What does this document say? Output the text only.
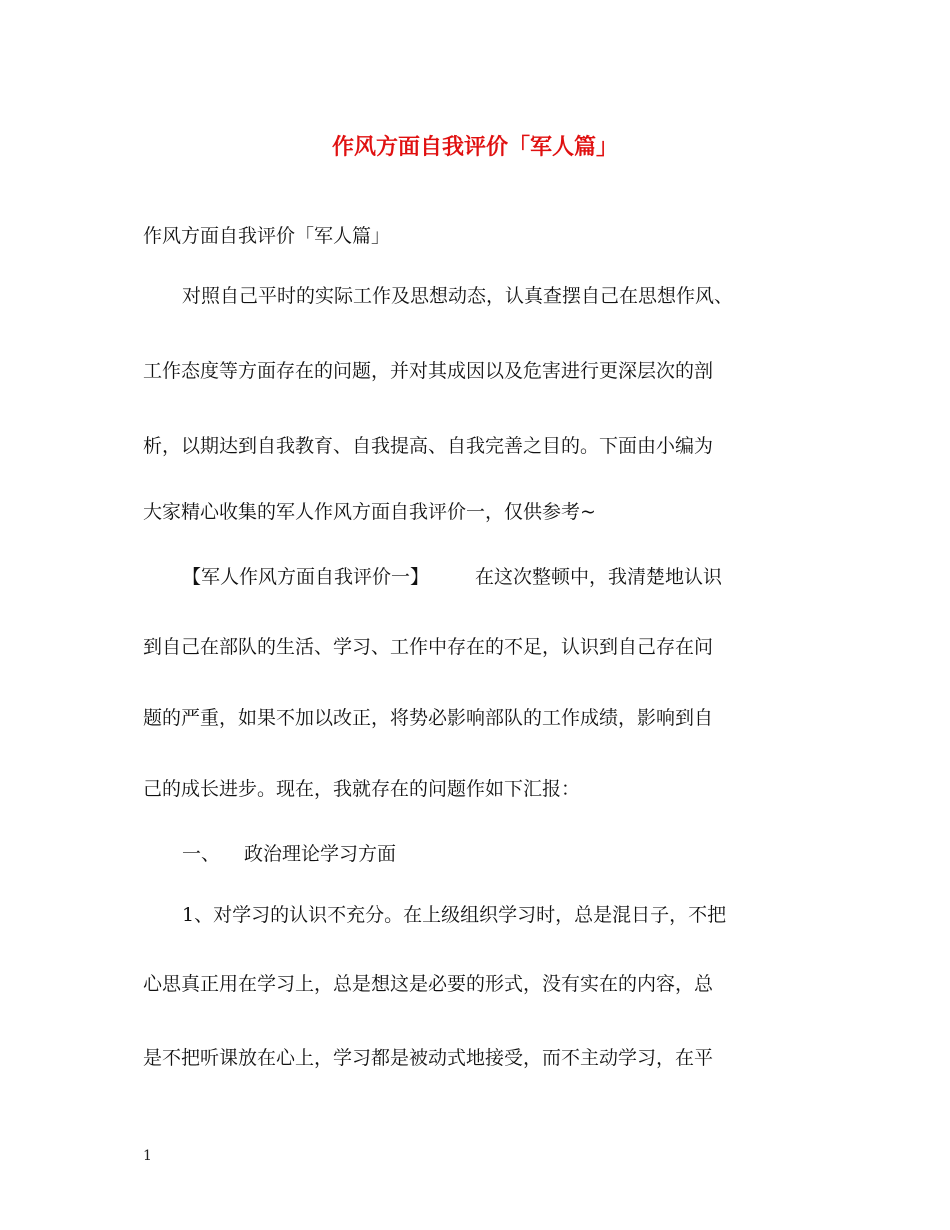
作风方面自我评价「军人篇」
作风方面自我评价「军人篇」
对照自己平时的实际工作及思想动态，认真查摆自己在思想作风、
工作态度等方面存在的问题，并对其成因以及危害进行更深层次的剖
析，以期达到自我教育、自我提高、自我完善之目的。下面由小编为
大家精心收集的军人作风方面自我评价一，仅供参考~
【军人作风方面自我评价一】 在这次整顿中，我清楚地认识
到自己在部队的生活、学习、工作中存在的不足，认识到自己存在问
题的严重，如果不加以改正，将势必影响部队的工作成绩，影响到自
己的成长进步。现在，我就存在的问题作如下汇报：
一、 政治理论学习方面
1、对学习的认识不充分。在上级组织学习时，总是混日子，不把
心思真正用在学习上，总是想这是必要的形式，没有实在的内容，总
是不把听课放在心上，学习都是被动式地接受，而不主动学习，在平
1
